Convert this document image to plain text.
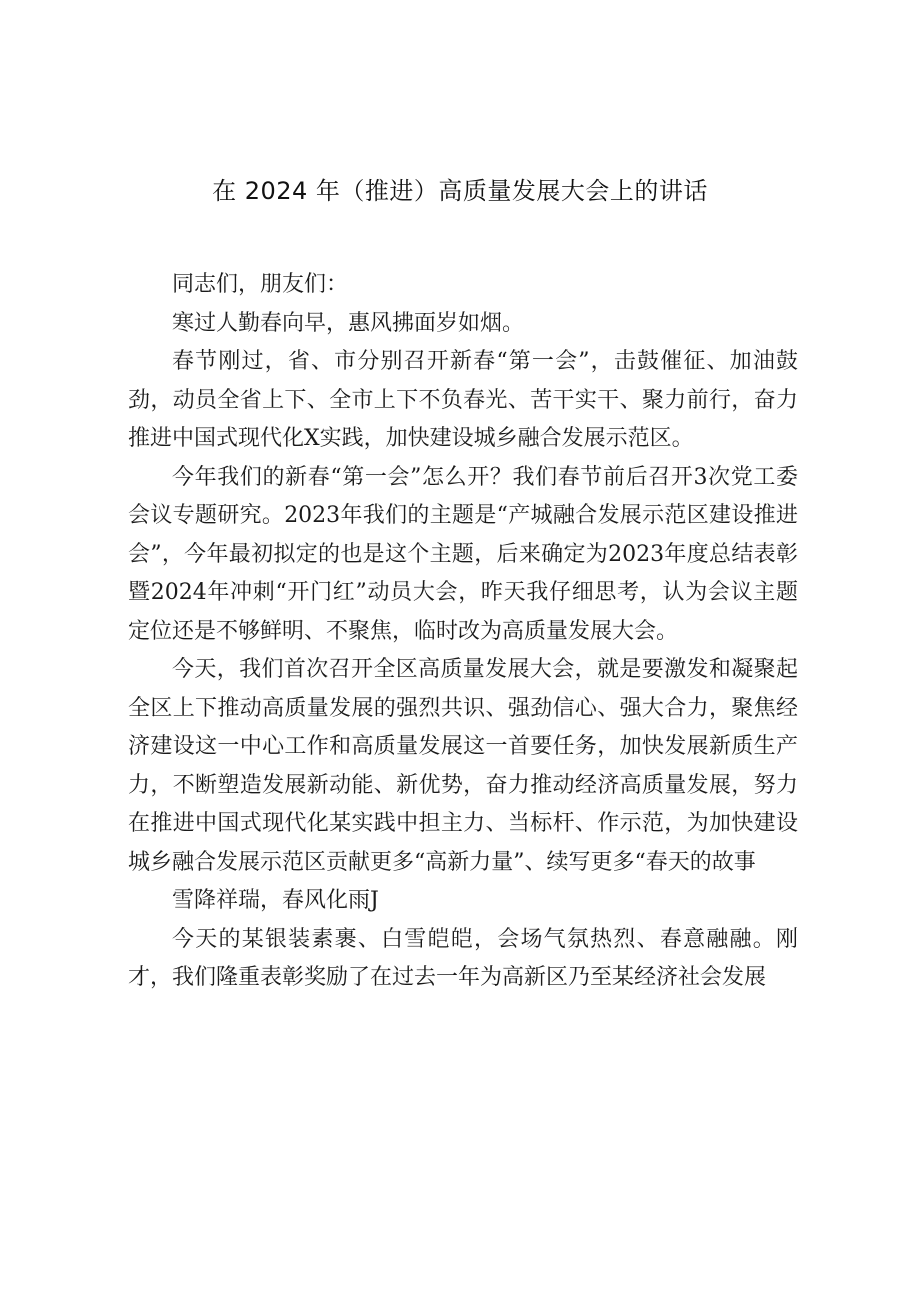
在 2024 年（推进）高质量发展大会上的讲话

同志们，朋友们：

寒过人勤春向早，惠风拂面岁如烟。

春节刚过，省、市分别召开新春“第一会”，击鼓催征、加油鼓劲，动员全省上下、全市上下不负春光、苦干实干、聚力前行，奋力推进中国式现代化X实践，加快建设城乡融合发展示范区。

今年我们的新春“第一会”怎么开？我们春节前后召开3次党工委会议专题研究。2023年我们的主题是“产城融合发展示范区建设推进会”，今年最初拟定的也是这个主题，后来确定为2023年度总结表彰暨2024年冲刺“开门红”动员大会，昨天我仔细思考，认为会议主题定位还是不够鲜明、不聚焦，临时改为高质量发展大会。

今天，我们首次召开全区高质量发展大会，就是要激发和凝聚起全区上下推动高质量发展的强烈共识、强劲信心、强大合力，聚焦经济建设这一中心工作和高质量发展这一首要任务，加快发展新质生产力，不断塑造发展新动能、新优势，奋力推动经济高质量发展，努力在推进中国式现代化某实践中担主力、当标杆、作示范，为加快建设城乡融合发展示范区贡献更多“高新力量”、续写更多“春天的故事

雪降祥瑞，春风化雨J

今天的某银装素裹、白雪皑皑，会场气氛热烈、春意融融。刚才，我们隆重表彰奖励了在过去一年为高新区乃至某经济社会发展
